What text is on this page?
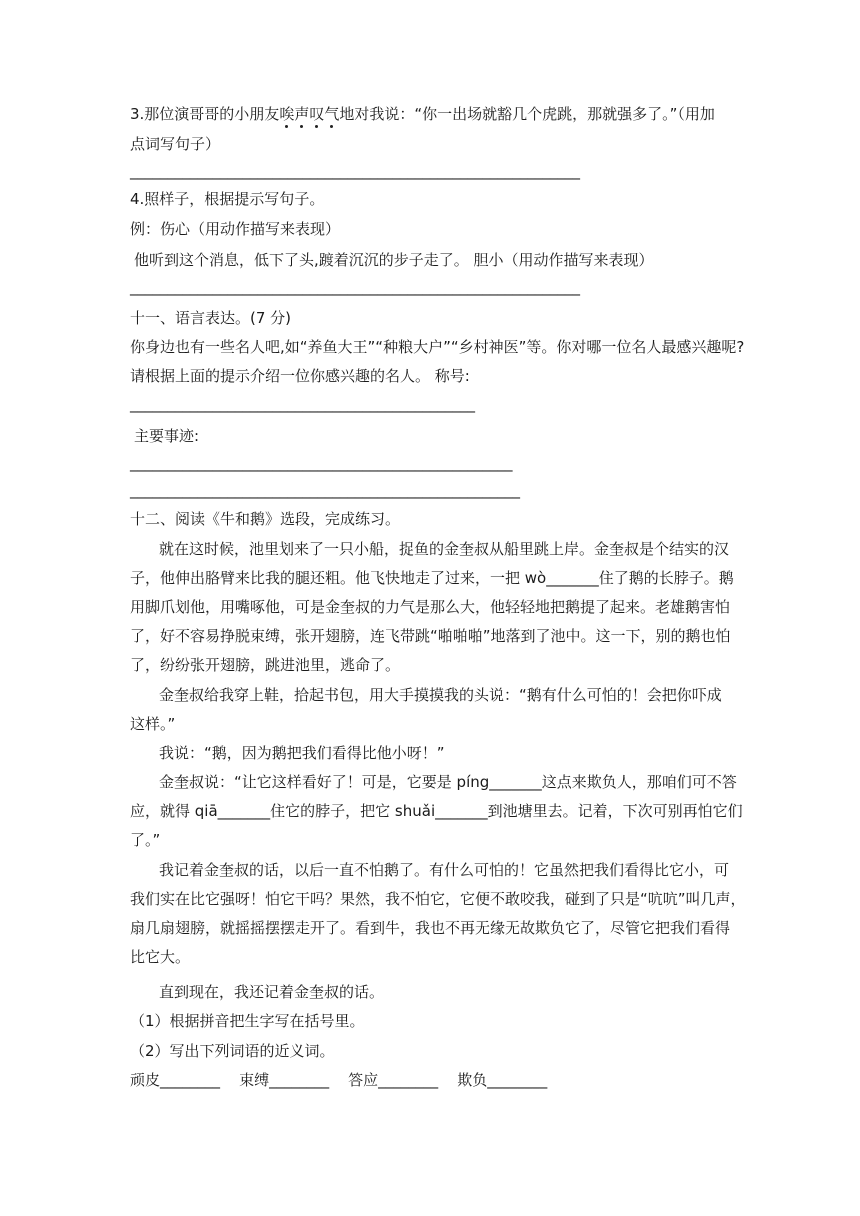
3.那位演哥哥的小朋友唉声叹气地对我说：“你一出场就豁几个虎跳，那就强多了。”（用加
点词写句子）
____________________________________________________________
4.照样子，根据提示写句子。
例：伤心（用动作描写来表现）
他听到这个消息，低下了头,踱着沉沉的步子走了。 胆小（用动作描写来表现）
____________________________________________________________
十一、语言表达。(7 分)
你身边也有一些名人吧,如“养鱼大王”“种粮大户”“乡村神医”等。你对哪一位名人最感兴趣呢?
请根据上面的提示介绍一位你感兴趣的名人。 称号:
______________________________________________
主要事迹:
___________________________________________________
____________________________________________________
十二、阅读《牛和鹅》选段，完成练习。
就在这时候，池里划来了一只小船，捉鱼的金奎叔从船里跳上岸。金奎叔是个结实的汉
子，他伸出胳臂来比我的腿还粗。他飞快地走了过来，一把 wò_______住了鹅的长脖子。鹅
用脚爪划他，用嘴啄他，可是金奎叔的力气是那么大，他轻轻地把鹅提了起来。老雄鹅害怕
了，好不容易挣脱束缚，张开翅膀，连飞带跳“啪啪啪”地落到了池中。这一下，别的鹅也怕
了，纷纷张开翅膀，跳进池里，逃命了。
金奎叔给我穿上鞋，拾起书包，用大手摸摸我的头说：“鹅有什么可怕的！会把你吓成
这样。”
我说：“鹅，因为鹅把我们看得比他小呀！”
金奎叔说：“让它这样看好了！可是，它要是 píng_______这点来欺负人，那咱们可不答
应，就得 qiā_______住它的脖子，把它 shuǎi_______到池塘里去。记着，下次可别再怕它们
了。”
我记着金奎叔的话，以后一直不怕鹅了。有什么可怕的！它虽然把我们看得比它小，可
我们实在比它强呀！怕它干吗？果然，我不怕它，它便不敢咬我，碰到了只是“吭吭”叫几声，
扇几扇翅膀，就摇摇摆摆走开了。看到牛，我也不再无缘无故欺负它了，尽管它把我们看得
比它大。
直到现在，我还记着金奎叔的话。
（1）根据拼音把生字写在括号里。
（2）写出下列词语的近义词。
顽皮________    束缚________    答应________    欺负________
